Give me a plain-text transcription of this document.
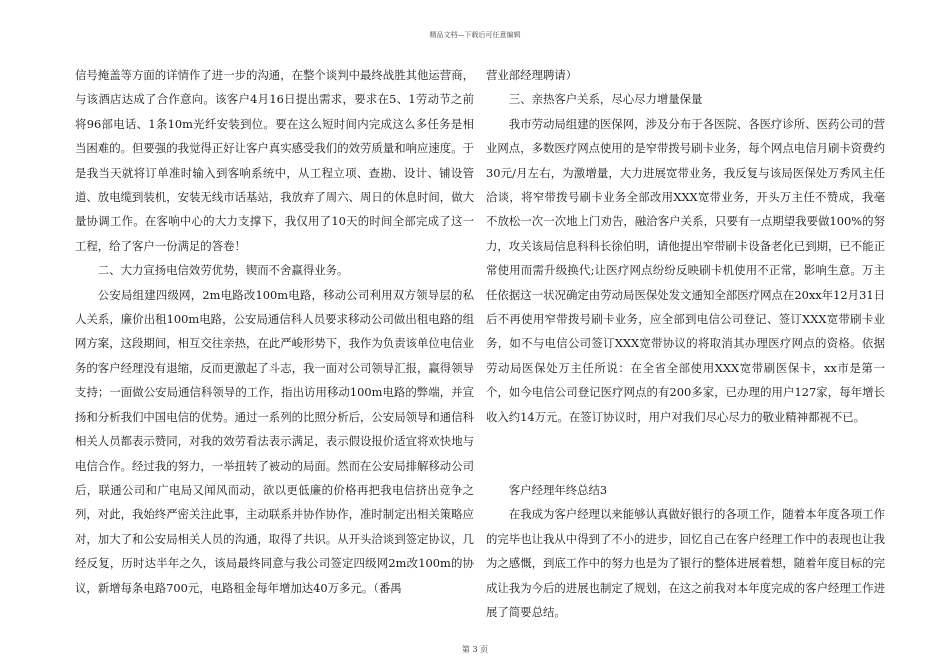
精品文档—下载后可任意编辑

信号掩盖等方面的详情作了进一步的沟通，在整个谈判中最终战胜其他运营商，与该酒店达成了合作意向。该客户4月16日提出需求，要求在5、1劳动节之前将96部电话、1条10m光纤安装到位。要在这么短时间内完成这么多任务是相当困难的。但要强的我觉得正好让客户真实感受我们的效劳质量和响应速度。于是我当天就将订单准时输入到客响系统中，从工程立项、查勘、设计、铺设管道、放电缆到装机，安装无线市话基站，我放弃了周六、周日的休息时间，做大量协调工作。在客响中心的大力支撑下，我仅用了10天的时间全部完成了这一工程，给了客户一份满足的答卷！

二、大力宣扬电信效劳优势，锲而不舍赢得业务。

公安局组建四级网，2m电路改100m电路，移动公司利用双方领导层的私人关系，廉价出租100m电路，公安局通信科人员要求移动公司做出租电路的组网方案，这段期间，相互交往亲热，在此严峻形势下，我作为负责该单位电信业务的客户经理没有退缩，反而更激起了斗志，我一面对公司领导汇报，赢得领导支持；一面做公安局通信科领导的工作，指出访用移动100m电路的弊端，并宣扬和分析我们中国电信的优势。通过一系列的比照分析后，公安局领导和通信科相关人员都表示赞同，对我的效劳看法表示满足，表示假设报价适宜将欢快地与电信合作。经过我的努力，一举扭转了被动的局面。然而在公安局排解移动公司后，联通公司和广电局又闻风而动，欲以更低廉的价格再把我电信挤出竞争之列，对此，我始终严密关注此事，主动联系并协作协作，准时制定出相关策略应对，加大了和公安局相关人员的沟通，取得了共识。从开头洽谈到签定协议，几经反复，历时达半年之久，该局最终同意与我公司签定四级网2m改100m的协议，新增每条电路700元，电路租金每年增加达40万多元。（番禺

营业部经理聘请）

三、亲热客户关系，尽心尽力增量保量

我市劳动局组建的医保网，涉及分布于各医院、各医疗诊所、医药公司的营业网点，多数医疗网点使用的是窄带拨号刷卡业务，每个网点电信月刷卡资费约30元/月左右，为激增量，大力进展宽带业务，我反复与该局医保处万秀风主任洽谈，将窄带拨号刷卡业务全部改用XXX宽带业务，开头万主任不赞成，我毫不放松一次一次地上门劝告，融洽客户关系，只要有一点期望我要做100%的努力，攻关该局信息科科长徐伯明，请他提出窄带刷卡设备老化已到期，已不能正常使用而需升级换代;让医疗网点纷纷反映刷卡机使用不正常，影响生意。万主任依据这一状况确定由劳动局医保处发文通知全部医疗网点在20xx年12月31日后不再使用窄带拨号刷卡业务，应全部到电信公司登记、签订XXX宽带刷卡业务，如不与电信公司签订XXX宽带协议的将取消其办理医疗网点的资格。依据劳动局医保处万主任所说：在全省全部使用XXX宽带刷医保卡，xx市是第一个，如今电信公司登记医疗网点的有200多家，已办理的用户127家，每年增长收入约14万元。在签订协议时，用户对我们尽心尽力的敬业精神都视不已。

客户经理年终总结3

在我成为客户经理以来能够认真做好银行的各项工作，随着本年度各项工作的完毕也让我从中得到了不小的进步，回忆自己在客户经理工作中的表现也让我为之感慨，到底工作中的努力也是为了银行的整体进展着想，随着年度目标的完成让我为今后的进展也制定了规划，在这之前我对本年度完成的客户经理工作进展了简要总结。

第 3 页
